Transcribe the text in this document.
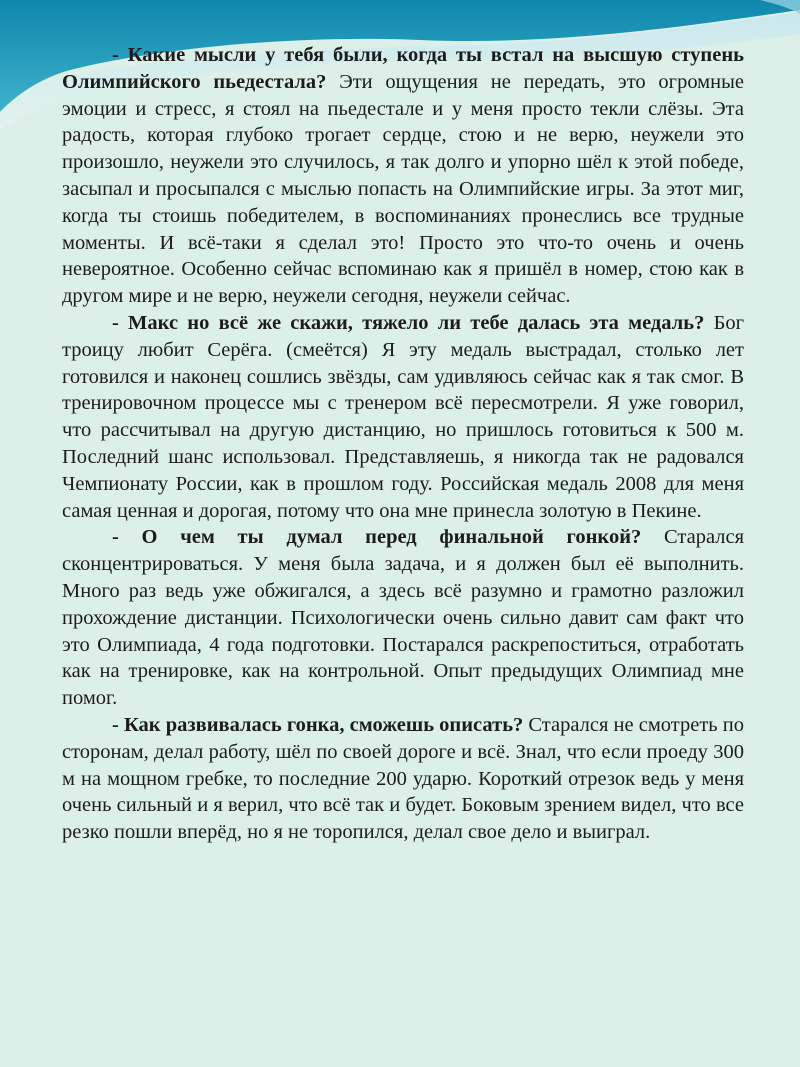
- Какие мысли у тебя были, когда ты встал на высшую ступень Олимпийского пьедестала? Эти ощущения не передать, это огромные эмоции и стресс, я стоял на пьедестале и у меня просто текли слёзы. Эта радость, которая глубоко трогает сердце, стою и не верю, неужели это произошло, неужели это случилось, я так долго и упорно шёл к этой победе, засыпал и просыпался с мыслью попасть на Олимпийские игры. За этот миг, когда ты стоишь победителем, в воспоминаниях пронеслись все трудные моменты. И всё-таки я сделал это! Просто это что-то очень и очень невероятное. Особенно сейчас вспоминаю как я пришёл в номер, стою как в другом мире и не верю, неужели сегодня, неужели сейчас.

- Макс но всё же скажи, тяжело ли тебе далась эта медаль? Бог троицу любит Серёга. (смеётся) Я эту медаль выстрадал, столько лет готовился и наконец сошлись звёзды, сам удивляюсь сейчас как я так смог. В тренировочном процессе мы с тренером всё пересмотрели. Я уже говорил, что рассчитывал на другую дистанцию, но пришлось готовиться к 500 м. Последний шанс использовал. Представляешь, я никогда так не радовался Чемпионату России, как в прошлом году. Российская медаль 2008 для меня самая ценная и дорогая, потому что она мне принесла золотую в Пекине.

- О чем ты думал перед финальной гонкой? Старался сконцентрироваться. У меня была задача, и я должен был её выполнить. Много раз ведь уже обжигался, а здесь всё разумно и грамотно разложил прохождение дистанции. Психологически очень сильно давит сам факт что это Олимпиада, 4 года подготовки. Постарался раскрепоститься, отработать как на тренировке, как на контрольной. Опыт предыдущих Олимпиад мне помог.

- Как развивалась гонка, сможешь описать? Старался не смотреть по сторонам, делал работу, шёл по своей дороге и всё. Знал, что если проеду 300 м на мощном гребке, то последние 200 ударю. Короткий отрезок ведь у меня очень сильный и я верил, что всё так и будет. Боковым зрением видел, что все резко пошли вперёд, но я не торопился, делал свое дело и выиграл.
